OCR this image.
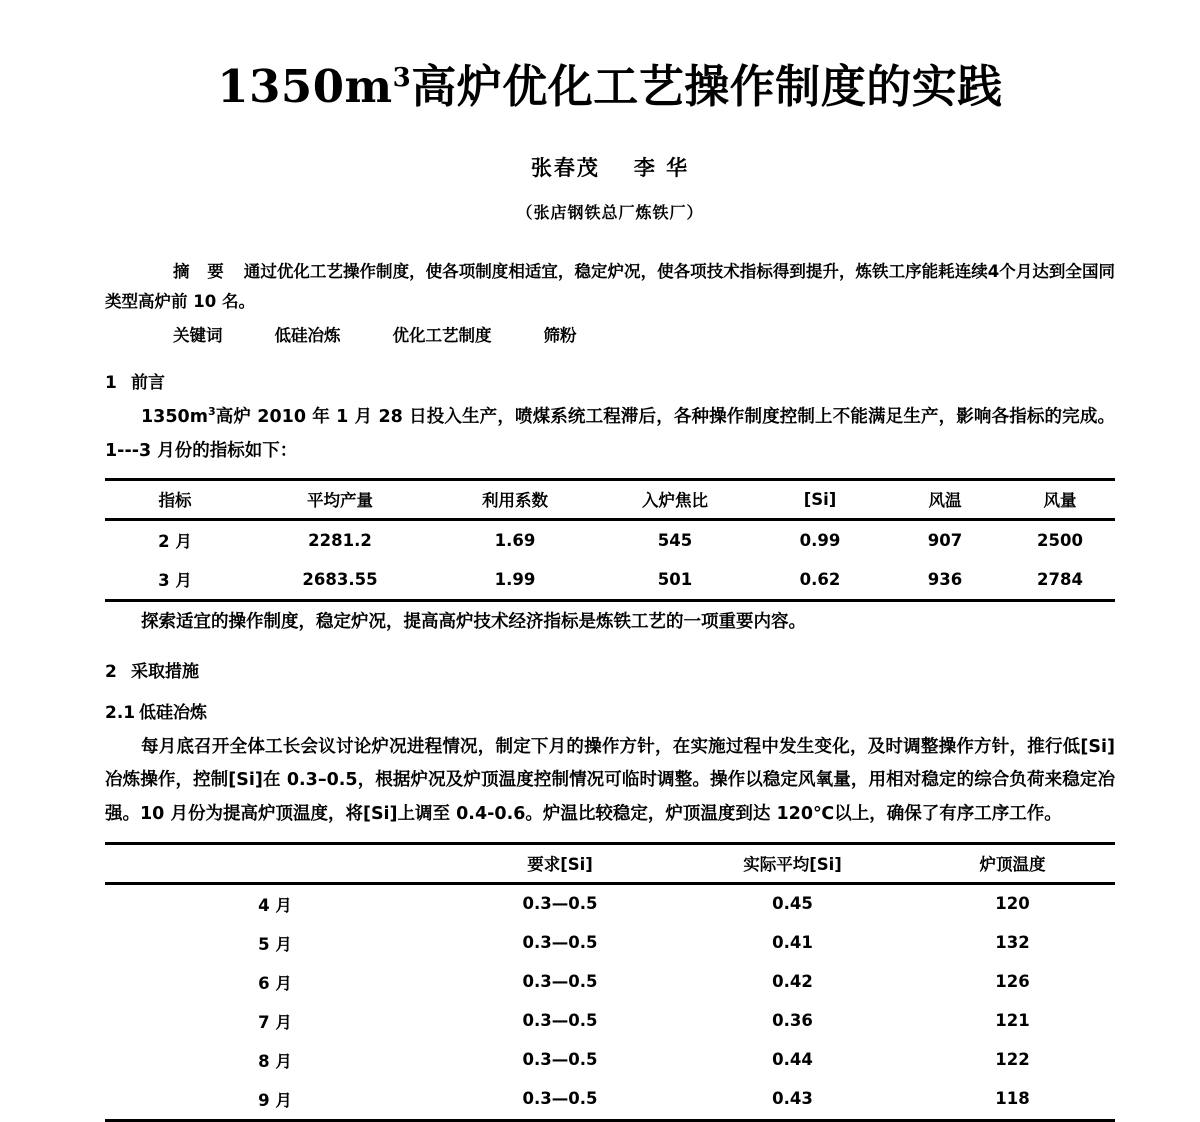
$1350m^3$高炉优化工艺操作制度的实践
张春茂 李 华
（张店钢铁总厂炼铁厂）
摘 要 通过优化工艺操作制度，使各项制度相适宜，稳定炉况，使各项技术指标得到提升，炼铁工序能耗连续4个月达到全国同类型高炉前 10 名。
关键词	低硅冶炼	优化工艺制度	筛粉
1 前言

$1350m^3$高炉 2010 年 1 月 28 日投入生产，喷煤系统工程滞后，各种操作制度控制上不能满足生产，影响各指标的完成。1---3 月份的指标如下：

指标	平均产量	利用系数	入炉焦比	[Si]	风温	风量
2 月	2281.2	1.69	545	0.99	907	2500
3 月	2683.55	1.99	501	0.62	936	2784

探索适宜的操作制度，稳定炉况，提高高炉技术经济指标是炼铁工艺的一项重要内容。

2 采取措施
2.1 低硅冶炼

每月底召开全体工长会议讨论炉况进程情况，制定下月的操作方针，在实施过程中发生变化，及时调整操作方针，推行低[Si]冶炼操作，控制[Si]在 0.3–0.5，根据炉况及炉顶温度控制情况可临时调整。操作以稳定风氧量，用相对稳定的综合负荷来稳定冶强。10 月份为提高炉顶温度，将[Si]上调至 0.4-0.6。炉温比较稳定，炉顶温度到达 120℃以上，确保了有序工序工作。

	要求[Si]	实际平均[Si]	炉顶温度
4 月	0.3—0.5	0.45	120
5 月	0.3—0.5	0.41	132
6 月	0.3—0.5	0.42	126
7 月	0.3—0.5	0.36	121
8 月	0.3—0.5	0.44	122
9 月	0.3—0.5	0.43	118
